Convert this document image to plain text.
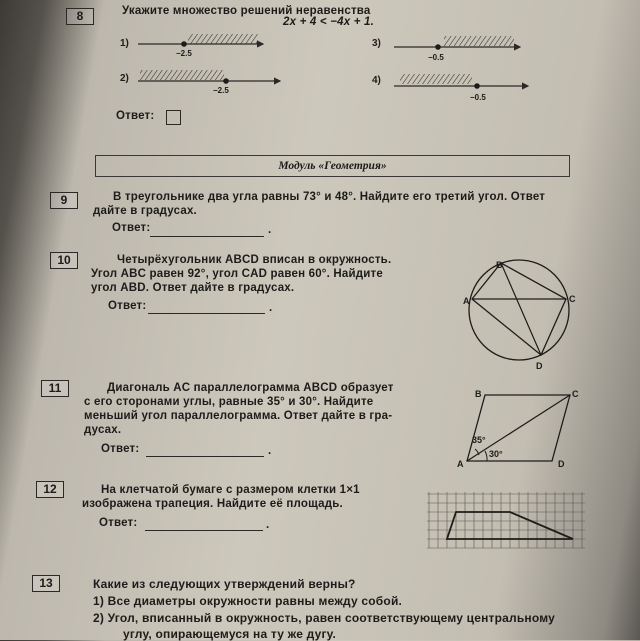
8	Укажите множество решений неравенства
2x + 4 < −4x + 1.
1)
−2.5
2)
−2.5
3)
−0.5
4)
−0.5
Ответ:
Модуль «Геометрия»
9	В треугольнике два угла равны 73° и 48°. Найдите его третий угол. Ответ
дайте в градусах.
Ответ:	.
10	Четырёхугольник ABCD вписан в окружность.
Угол ABC равен 92°, угол CAD равен 60°. Найдите
угол ABD. Ответ дайте в градусах.
Ответ:	.
A
B
C
D
11	Диагональ AC параллелограмма ABCD образует
с его сторонами углы, равные 35° и 30°. Найдите
меньший угол параллелограмма. Ответ дайте в гра-
дусах.
Ответ:	.
35°
30°
A
B	C
D
12	На клетчатой бумаге с размером клетки 1×1
изображена трапеция. Найдите её площадь.
Ответ:	.
13	Какие из следующих утверждений верны?
1) Все диаметры окружности равны между собой.
2) Угол, вписанный в окружность, равен соответствующему центральному
углу, опирающемуся на ту же дугу.
